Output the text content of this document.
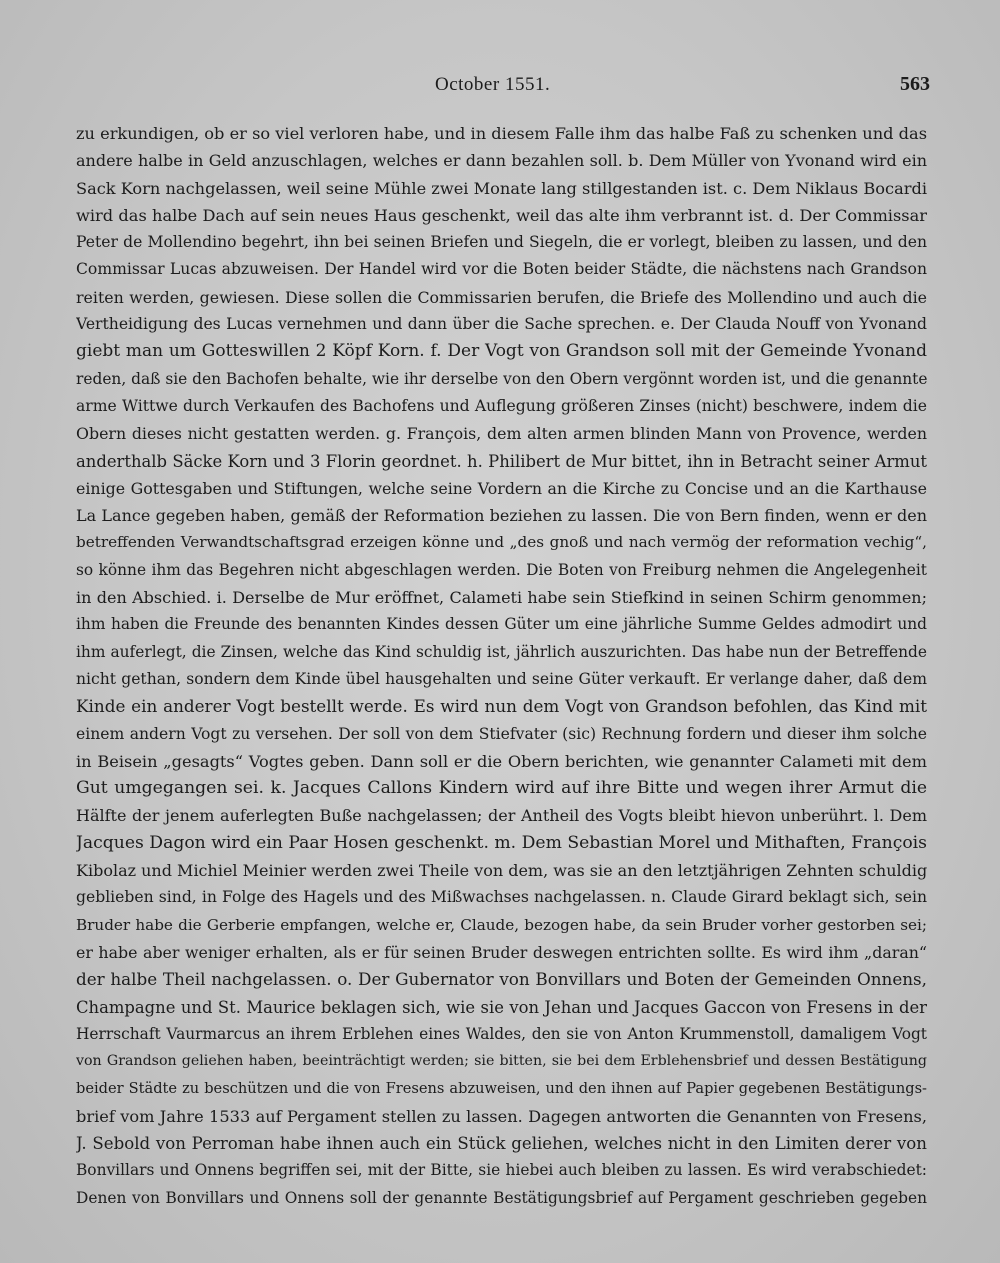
October 1551.	563
zu erkundigen, ob er so viel verloren habe, und in diesem Falle ihm das halbe Faß zu schenken und das
andere halbe in Geld anzuschlagen, welches er dann bezahlen soll. b. Dem Müller von Yvonand wird ein
Sack Korn nachgelassen, weil seine Mühle zwei Monate lang stillgestanden ist. c. Dem Niklaus Bocardi
wird das halbe Dach auf sein neues Haus geschenkt, weil das alte ihm verbrannt ist. d. Der Commissar
Peter de Mollendino begehrt, ihn bei seinen Briefen und Siegeln, die er vorlegt, bleiben zu lassen, und den
Commissar Lucas abzuweisen. Der Handel wird vor die Boten beider Städte, die nächstens nach Grandson
reiten werden, gewiesen. Diese sollen die Commissarien berufen, die Briefe des Mollendino und auch die
Vertheidigung des Lucas vernehmen und dann über die Sache sprechen. e. Der Clauda Nouff von Yvonand
giebt man um Gotteswillen 2 Köpf Korn. f. Der Vogt von Grandson soll mit der Gemeinde Yvonand
reden, daß sie den Bachofen behalte, wie ihr derselbe von den Obern vergönnt worden ist, und die genannte
arme Wittwe durch Verkaufen des Bachofens und Auflegung größeren Zinses (nicht) beschwere, indem die
Obern dieses nicht gestatten werden. g. François, dem alten armen blinden Mann von Provence, werden
anderthalb Säcke Korn und 3 Florin geordnet. h. Philibert de Mur bittet, ihn in Betracht seiner Armut
einige Gottesgaben und Stiftungen, welche seine Vordern an die Kirche zu Concise und an die Karthause
La Lance gegeben haben, gemäß der Reformation beziehen zu lassen. Die von Bern finden, wenn er den
betreffenden Verwandtschaftsgrad erzeigen könne und „des gnoß und nach vermög der reformation vechig“,
so könne ihm das Begehren nicht abgeschlagen werden. Die Boten von Freiburg nehmen die Angelegenheit
in den Abschied. i. Derselbe de Mur eröffnet, Calameti habe sein Stiefkind in seinen Schirm genommen;
ihm haben die Freunde des benannten Kindes dessen Güter um eine jährliche Summe Geldes admodirt und
ihm auferlegt, die Zinsen, welche das Kind schuldig ist, jährlich auszurichten. Das habe nun der Betreffende
nicht gethan, sondern dem Kinde übel hausgehalten und seine Güter verkauft. Er verlange daher, daß dem
Kinde ein anderer Vogt bestellt werde. Es wird nun dem Vogt von Grandson befohlen, das Kind mit
einem andern Vogt zu versehen. Der soll von dem Stiefvater (sic) Rechnung fordern und dieser ihm solche
in Beisein „gesagts“ Vogtes geben. Dann soll er die Obern berichten, wie genannter Calameti mit dem
Gut umgegangen sei. k. Jacques Callons Kindern wird auf ihre Bitte und wegen ihrer Armut die
Hälfte der jenem auferlegten Buße nachgelassen; der Antheil des Vogts bleibt hievon unberührt. l. Dem
Jacques Dagon wird ein Paar Hosen geschenkt. m. Dem Sebastian Morel und Mithaften, François
Kibolaz und Michiel Meinier werden zwei Theile von dem, was sie an den letztjährigen Zehnten schuldig
geblieben sind, in Folge des Hagels und des Mißwachses nachgelassen. n. Claude Girard beklagt sich, sein
Bruder habe die Gerberie empfangen, welche er, Claude, bezogen habe, da sein Bruder vorher gestorben sei;
er habe aber weniger erhalten, als er für seinen Bruder deswegen entrichten sollte. Es wird ihm „daran“
der halbe Theil nachgelassen. o. Der Gubernator von Bonvillars und Boten der Gemeinden Onnens,
Champagne und St. Maurice beklagen sich, wie sie von Jehan und Jacques Gaccon von Fresens in der
Herrschaft Vaurmarcus an ihrem Erblehen eines Waldes, den sie von Anton Krummenstoll, damaligem Vogt
von Grandson geliehen haben, beeinträchtigt werden; sie bitten, sie bei dem Erblehensbrief und dessen Bestätigung
beider Städte zu beschützen und die von Fresens abzuweisen, und den ihnen auf Papier gegebenen Bestätigungs-
brief vom Jahre 1533 auf Pergament stellen zu lassen. Dagegen antworten die Genannten von Fresens,
J. Sebold von Perroman habe ihnen auch ein Stück geliehen, welches nicht in den Limiten derer von
Bonvillars und Onnens begriffen sei, mit der Bitte, sie hiebei auch bleiben zu lassen. Es wird verabschiedet:
Denen von Bonvillars und Onnens soll der genannte Bestätigungsbrief auf Pergament geschrieben gegeben
